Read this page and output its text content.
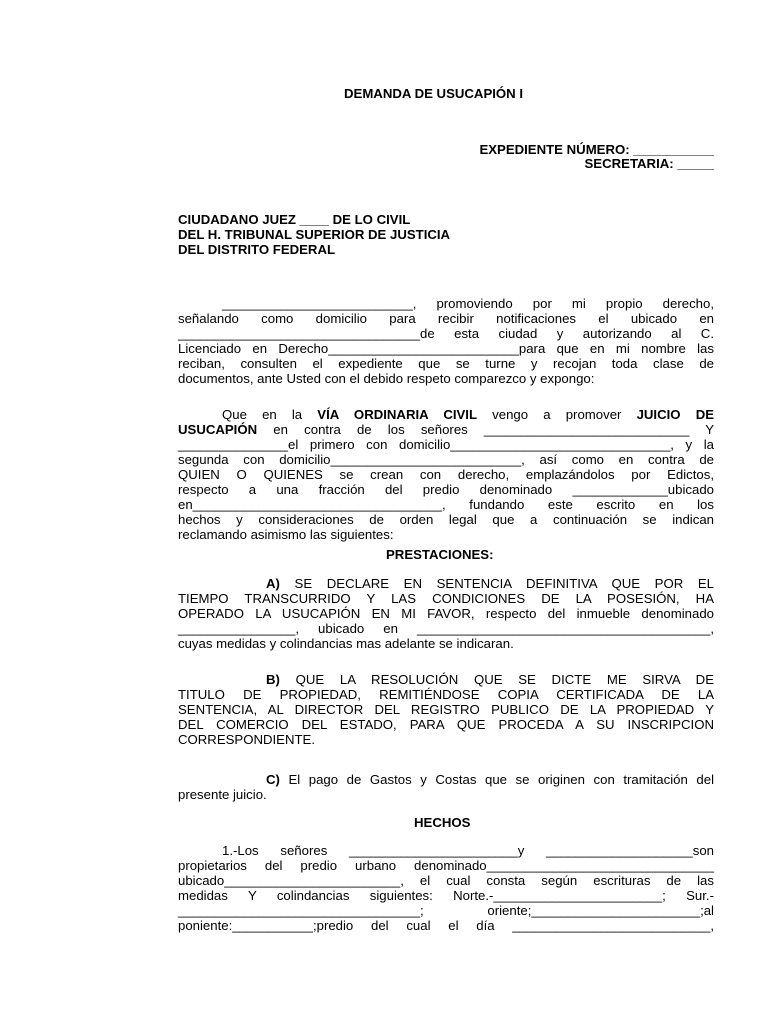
DEMANDA DE USUCAPIÓN I
EXPEDIENTE NÚMERO: ___________
SECRETARIA: _____
CIUDADANO JUEZ ____ DE LO CIVIL
DEL H. TRIBUNAL SUPERIOR DE JUSTICIA
DEL DISTRITO FEDERAL
__________________________, promoviendo por mi propio derecho,
señalando como domicilio para recibir notificaciones el ubicado en
_________________________________de esta ciudad y autorizando al C.
Licenciado en Derecho__________________________para que en mi nombre las
reciban, consulten el expediente que se turne y recojan toda clase de
documentos, ante Usted con el debido respeto comparezco y expongo:
Que en la VÍA ORDINARIA CIVIL vengo a promover JUICIO DE
USUCAPIÓN en contra de los señores ____________________________ Y
_______________el primero con domicilio______________________________, y la
segunda con domicilio__________________________, así como en contra de
QUIEN O QUIENES se crean con derecho, emplazándolos por Edictos,
respecto a una fracción del predio denominado _____________ubicado
en__________________________________, fundando este escrito en los
hechos y consideraciones de orden legal que a continuación se indican
reclamando asimismo las siguientes:
PRESTACIONES:
A) SE DECLARE EN SENTENCIA DEFINITIVA QUE POR EL
TIEMPO TRANSCURRIDO Y LAS CONDICIONES DE LA POSESIÓN, HA
OPERADO LA USUCAPIÓN EN MI FAVOR, respecto del inmueble denominado
________________, ubicado en ________________________________________,
cuyas medidas y colindancias mas adelante se indicaran.
B) QUE LA RESOLUCIÓN QUE SE DICTE ME SIRVA DE
TITULO DE PROPIEDAD, REMITIÉNDOSE COPIA CERTIFICADA DE LA
SENTENCIA, AL DIRECTOR DEL REGISTRO PUBLICO DE LA PROPIEDAD Y
DEL COMERCIO DEL ESTADO, PARA QUE PROCEDA A SU INSCRIPCION
CORRESPONDIENTE.
C) El pago de Gastos y Costas que se originen con tramitación del
presente juicio.
HECHOS
1.-Los señores _______________________y ____________________son
propietarios del predio urbano denominado_______________________________
ubicado________________________, el cual consta según escrituras de las
medidas Y colindancias siguientes: Norte.-_______________________; Sur.-
_________________________________; oriente;_______________________;al
poniente:___________;predio del cual el día ___________________________,
